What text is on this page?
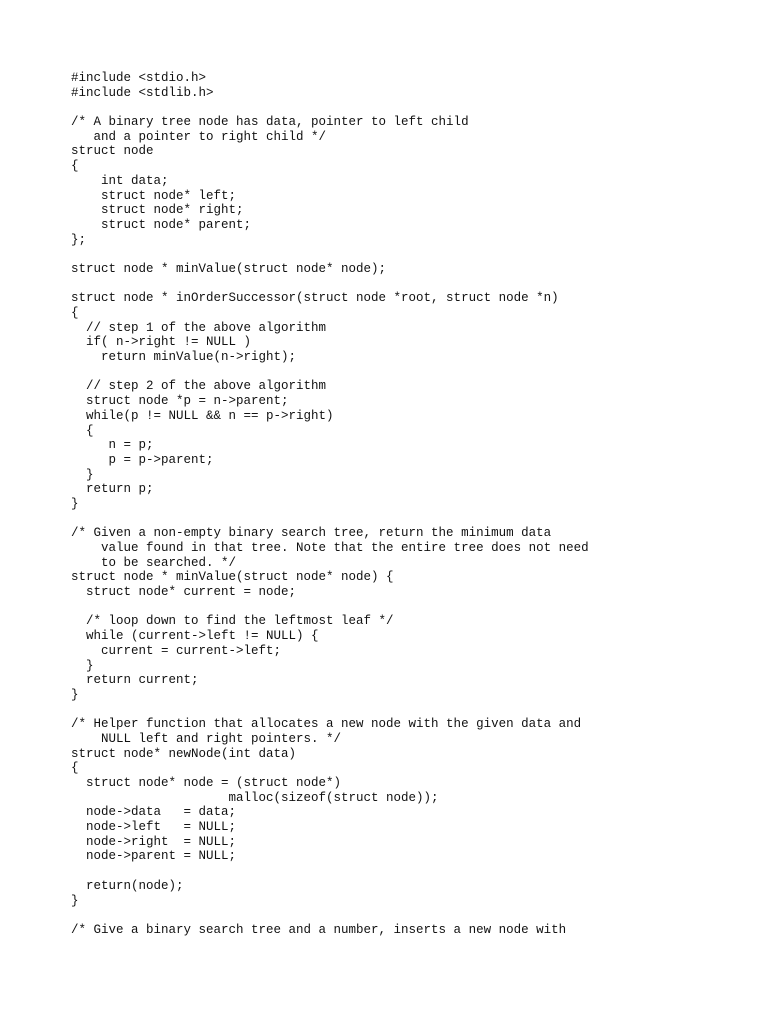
#include <stdio.h>
#include <stdlib.h>
/* A binary tree node has data, pointer to left child
and a pointer to right child */
struct node
{
int data;
struct node* left;
struct node* right;
struct node* parent;
};
struct node * minValue(struct node* node);
struct node * inOrderSuccessor(struct node *root, struct node *n)
{
// step 1 of the above algorithm
if( n->right != NULL )
return minValue(n->right);
// step 2 of the above algorithm
struct node *p = n->parent;
while(p != NULL && n == p->right)
{
n = p;
p = p->parent;
}
return p;
}
/* Given a non-empty binary search tree, return the minimum data
value found in that tree. Note that the entire tree does not need
to be searched. */
struct node * minValue(struct node* node) {
struct node* current = node;
/* loop down to find the leftmost leaf */
while (current->left != NULL) {
current = current->left;
}
return current;
}
/* Helper function that allocates a new node with the given data and
NULL left and right pointers. */
struct node* newNode(int data)
{
struct node* node = (struct node*)
malloc(sizeof(struct node));
node->data   = data;
node->left   = NULL;
node->right  = NULL;
node->parent = NULL;
return(node);
}
/* Give a binary search tree and a number, inserts a new node with
